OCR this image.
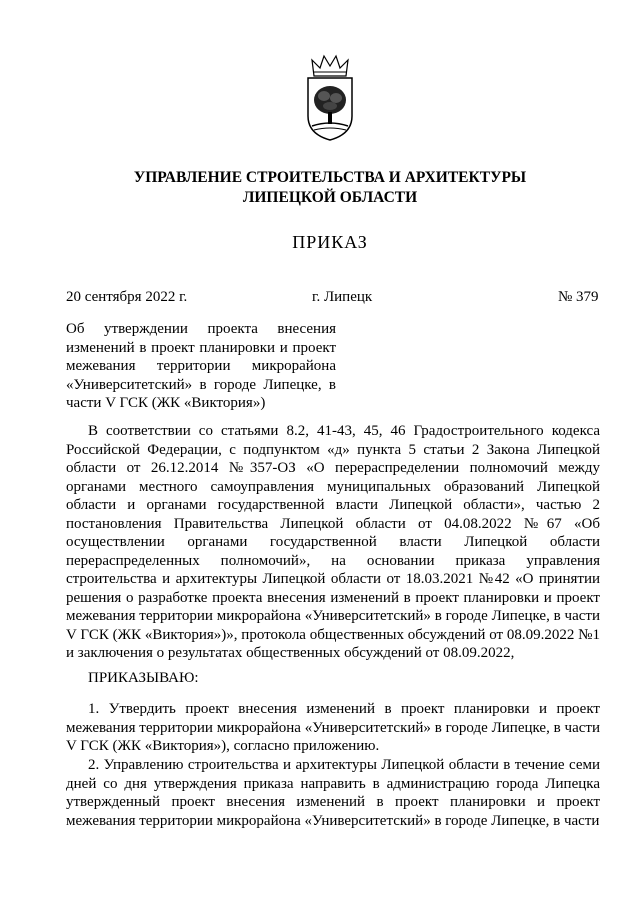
УПРАВЛЕНИЕ СТРОИТЕЛЬСТВА И АРХИТЕКТУРЫ
ЛИПЕЦКОЙ ОБЛАСТИ
ПРИКАЗ
20 сентября 2022 г.	г. Липецк	№ 379
Об утверждении проекта внесения изменений в проект планировки и проект межевания территории микрорайона «Университетский» в городе Липецке, в части V ГСК (ЖК «Виктория»)
В соответствии со статьями 8.2, 41-43, 45, 46 Градостроительного кодекса Российской Федерации, с подпунктом «д» пункта 5 статьи 2 Закона Липецкой области от 26.12.2014 №357-ОЗ «О перераспределении полномочий между органами местного самоуправления муниципальных образований Липецкой области и органами государственной власти Липецкой области», частью 2 постановления Правительства Липецкой области от 04.08.2022 №67 «Об осуществлении органами государственной власти Липецкой области перераспределенных полномочий», на основании приказа управления строительства и архитектуры Липецкой области от 18.03.2021 №42 «О принятии решения о разработке проекта внесения изменений в проект планировки и проект межевания территории микрорайона «Университетский» в городе Липецке, в части V ГСК (ЖК «Виктория»)», протокола общественных обсуждений от 08.09.2022 №1 и заключения о результатах общественных обсуждений от 08.09.2022,
ПРИКАЗЫВАЮ:
1. Утвердить проект внесения изменений в проект планировки и проект межевания территории микрорайона «Университетский» в городе Липецке, в части V ГСК (ЖК «Виктория»), согласно приложению.
2. Управлению строительства и архитектуры Липецкой области в течение семи дней со дня утверждения приказа направить в администрацию города Липецка утвержденный проект внесения изменений в проект планировки и проект межевания территории микрорайона «Университетский» в городе Липецке, в части
